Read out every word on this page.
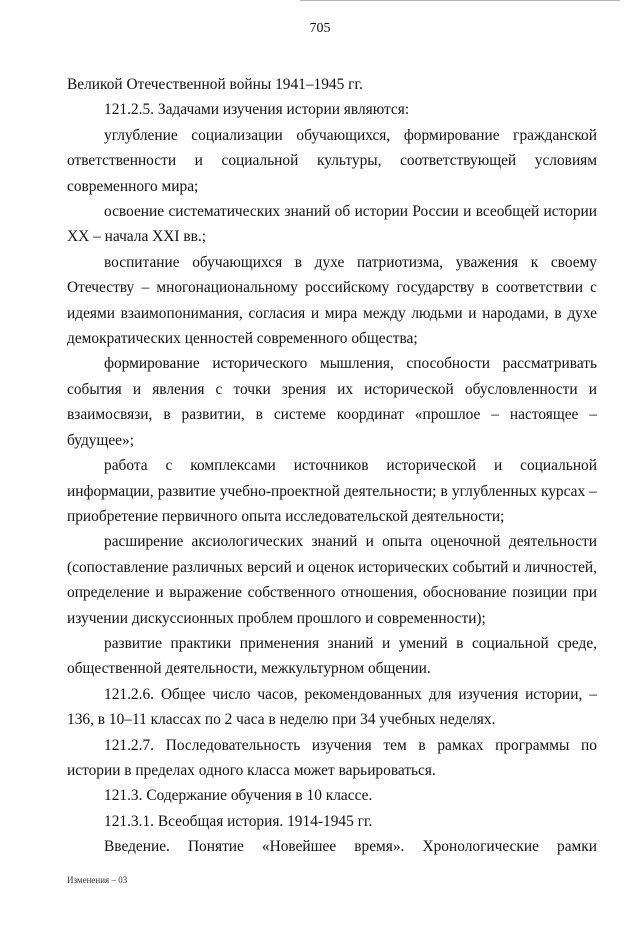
705

Великой Отечественной войны 1941–1945 гг.

121.2.5. Задачами изучения истории являются:

углубление социализации обучающихся, формирование гражданской ответственности и социальной культуры, соответствующей условиям современного мира;

освоение систематических знаний об истории России и всеобщей истории XX – начала XXI вв.;

воспитание обучающихся в духе патриотизма, уважения к своему Отечеству – многонациональному российскому государству в соответствии с идеями взаимопонимания, согласия и мира между людьми и народами, в духе демократических ценностей современного общества;

формирование исторического мышления, способности рассматривать события и явления с точки зрения их исторической обусловленности и взаимосвязи, в развитии, в системе координат «прошлое – настоящее – будущее»;

работа с комплексами источников исторической и социальной информации, развитие учебно-проектной деятельности; в углубленных курсах – приобретение первичного опыта исследовательской деятельности;

расширение аксиологических знаний и опыта оценочной деятельности (сопоставление различных версий и оценок исторических событий и личностей, определение и выражение собственного отношения, обоснование позиции при изучении дискуссионных проблем прошлого и современности);

развитие практики применения знаний и умений в социальной среде, общественной деятельности, межкультурном общении.

121.2.6. Общее число часов, рекомендованных для изучения истории, – 136, в 10–11 классах по 2 часа в неделю при 34 учебных неделях.

121.2.7. Последовательность изучения тем в рамках программы по истории в пределах одного класса может варьироваться.

121.3. Содержание обучения в 10 классе.

121.3.1. Всеобщая история. 1914-1945 гг.

Введение. Понятие «Новейшее время». Хронологические рамки

Изменения – 03
